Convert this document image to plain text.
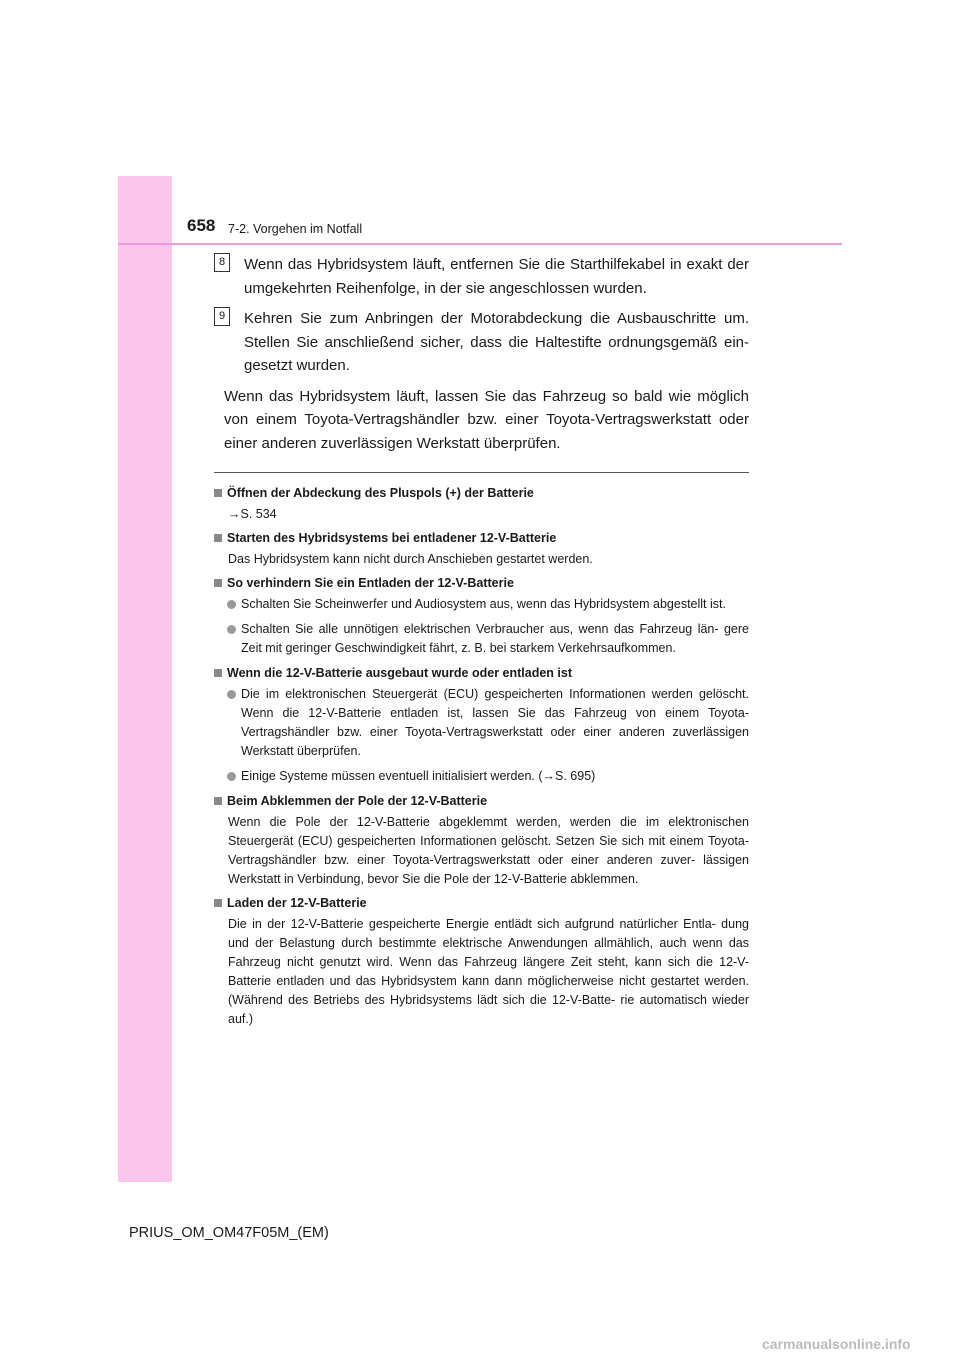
658 7-2. Vorgehen im Notfall
8	Wenn das Hybridsystem läuft, entfernen Sie die Starthilfekabel in exakt der umgekehrten Reihenfolge, in der sie angeschlossen wurden.
9	Kehren Sie zum Anbringen der Motorabdeckung die Ausbauschritte um. Stellen Sie anschließend sicher, dass die Haltestifte ordnungsgemäß ein- gesetzt wurden.
Wenn das Hybridsystem läuft, lassen Sie das Fahrzeug so bald wie möglich von einem Toyota-Vertragshändler bzw. einer Toyota-Vertragswerkstatt oder einer anderen zuverlässigen Werkstatt überprüfen.
Öffnen der Abdeckung des Pluspols (+) der Batterie
→S. 534
Starten des Hybridsystems bei entladener 12-V-Batterie
Das Hybridsystem kann nicht durch Anschieben gestartet werden.
So verhindern Sie ein Entladen der 12-V-Batterie
Schalten Sie Scheinwerfer und Audiosystem aus, wenn das Hybridsystem abgestellt ist.
Schalten Sie alle unnötigen elektrischen Verbraucher aus, wenn das Fahrzeug län- gere Zeit mit geringer Geschwindigkeit fährt, z. B. bei starkem Verkehrsaufkommen.
Wenn die 12-V-Batterie ausgebaut wurde oder entladen ist
Die im elektronischen Steuergerät (ECU) gespeicherten Informationen werden gelöscht. Wenn die 12-V-Batterie entladen ist, lassen Sie das Fahrzeug von einem Toyota-Vertragshändler bzw. einer Toyota-Vertragswerkstatt oder einer anderen zuverlässigen Werkstatt überprüfen.
Einige Systeme müssen eventuell initialisiert werden. (→S. 695)
Beim Abklemmen der Pole der 12-V-Batterie
Wenn die Pole der 12-V-Batterie abgeklemmt werden, werden die im elektronischen Steuergerät (ECU) gespeicherten Informationen gelöscht. Setzen Sie sich mit einem Toyota-Vertragshändler bzw. einer Toyota-Vertragswerkstatt oder einer anderen zuver- lässigen Werkstatt in Verbindung, bevor Sie die Pole der 12-V-Batterie abklemmen.
Laden der 12-V-Batterie
Die in der 12-V-Batterie gespeicherte Energie entlädt sich aufgrund natürlicher Entla- dung und der Belastung durch bestimmte elektrische Anwendungen allmählich, auch wenn das Fahrzeug nicht genutzt wird. Wenn das Fahrzeug längere Zeit steht, kann sich die 12-V-Batterie entladen und das Hybridsystem kann dann möglicherweise nicht gestartet werden. (Während des Betriebs des Hybridsystems lädt sich die 12-V-Batte- rie automatisch wieder auf.)
PRIUS_OM_OM47F05M_(EM)
carmanualsonline.info
